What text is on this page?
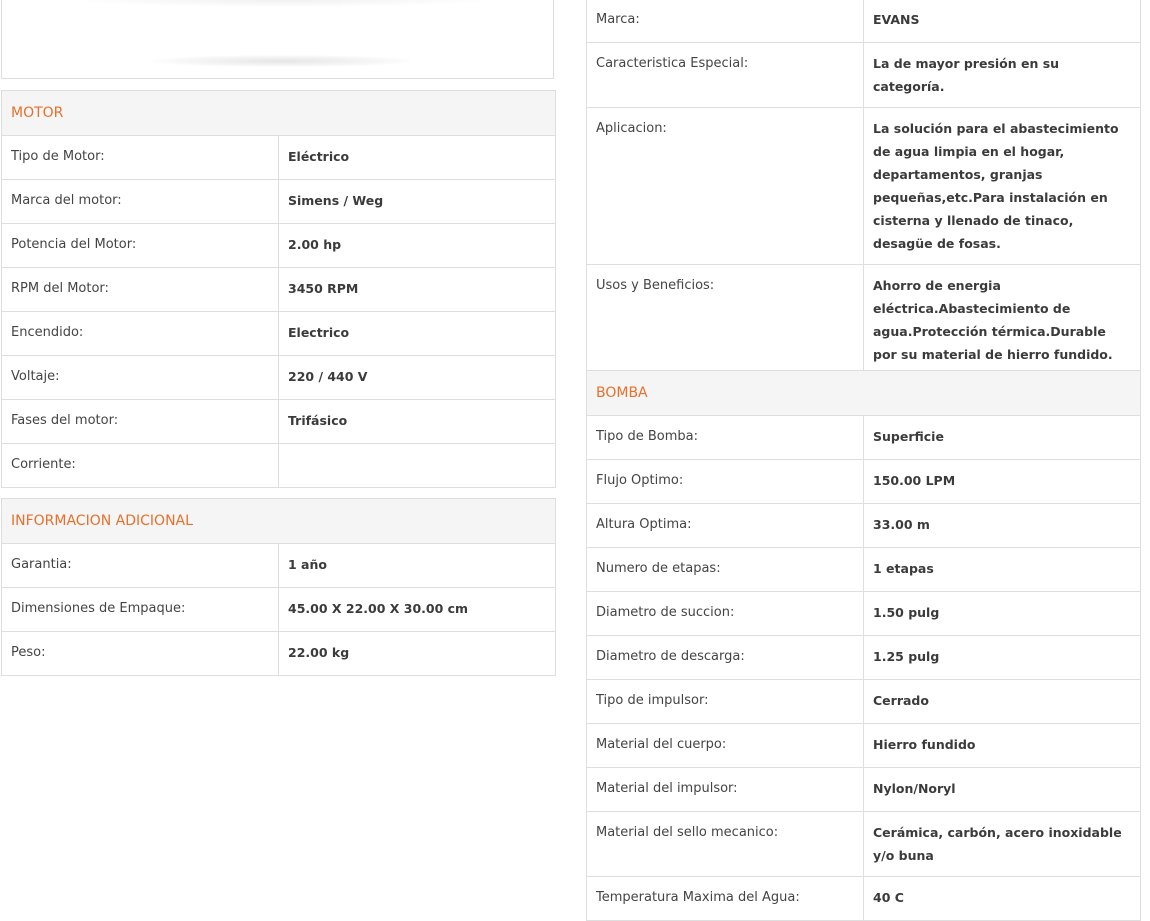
MOTOR	
Tipo de Motor:	Eléctrico
Marca del motor:	Simens / Weg
Potencia del Motor:	2.00 hp
RPM del Motor:	3450 RPM
Encendido:	Electrico
Voltaje:	220 / 440 V
Fases del motor:	Trifásico
Corriente:	
INFORMACION ADICIONAL	
Garantia:	1 año
Dimensiones de Empaque:	45.00 X 22.00 X 30.00 cm
Peso:	22.00 kg
Marca:	EVANS
Caracteristica Especial:	La de mayor presión en su categoría.
Aplicacion:	La solución para el abastecimiento de agua limpia en el hogar, departamentos, granjas pequeñas,etc.Para instalación en cisterna y llenado de tinaco, desagüe de fosas.
Usos y Beneficios:	Ahorro de energia eléctrica.Abastecimiento de agua.Protección térmica.Durable por su material de hierro fundido.
BOMBA	
Tipo de Bomba:	Superficie
Flujo Optimo:	150.00 LPM
Altura Optima:	33.00 m
Numero de etapas:	1 etapas
Diametro de succion:	1.50 pulg
Diametro de descarga:	1.25 pulg
Tipo de impulsor:	Cerrado
Material del cuerpo:	Hierro fundido
Material del impulsor:	Nylon/Noryl
Material del sello mecanico:	Cerámica, carbón, acero inoxidable y/o buna
Temperatura Maxima del Agua:	40 C
